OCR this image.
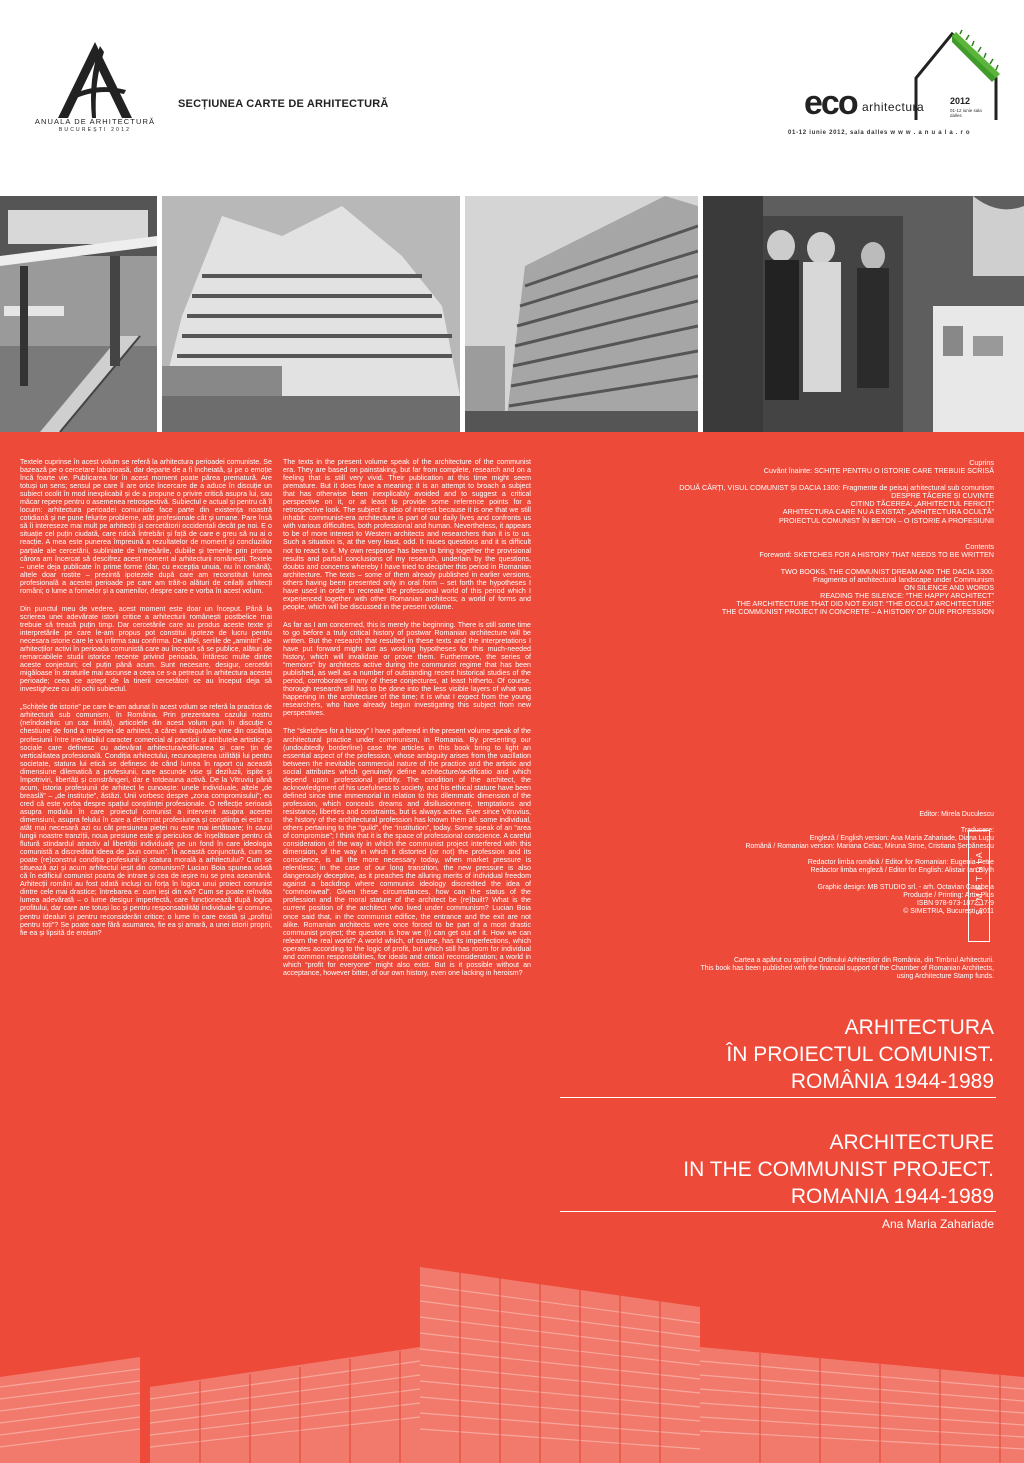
ANUALA DE ARHITECTURĂ
BUCUREȘTI 2012
SECȚIUNEA CARTE DE ARHITECTURĂ	eco arhitectura	2012
01-12 iunie sala dalles
01-12 iunie 2012, sala dalles w w w . a n u a l a . r o

Textele cuprinse în acest volum se referă la arhitectura perioadei comuniste. Se bazează pe o cercetare laborioasă, dar departe de a fi încheiată, și pe o emoție încă foarte vie. Publicarea lor în acest moment poate părea prematură. Are totuși un sens; sensul pe care îl are orice încercare de a aduce în discuție un subiect ocolit în mod inexplicabil și de a propune o privire critică asupra lui, sau măcar repere pentru o asemenea retrospectivă. Subiectul e actual și pentru că îl locuim: arhitectura perioadei comuniste face parte din existența noastră cotidiană și ne pune felurite probleme, atât profesionale cât și umane. Pare însă să îi intereseze mai mult pe arhitecții și cercetătorii occidentali decât pe noi. E o situație cel puțin ciudată, care ridică întrebări și față de care e greu să nu ai o reacție. A mea este punerea împreună a rezultatelor de moment și concluziilor parțiale ale cercetării, subliniate de întrebările, dubiile și temerile prin prisma cărora am încercat să descifrez acest moment al arhitecturii românești. Textele – unele deja publicate în prime forme (dar, cu excepția unuia, nu în română), altele doar rostite – prezintă ipotezele după care am reconstituit lumea profesională a acestei perioade pe care am trăit-o alături de ceilalți arhitecți români; o lume a formelor și a oamenilor, despre care e vorba în acest volum.

Din punctul meu de vedere, acest moment este doar un început. Până la scrierea unei adevărate istorii critice a arhitecturii românești postbelice mai trebuie să treacă puțin timp. Dar cercetările care au produs aceste texte și interpretările pe care le-am propus pot constitui ipoteze de lucru pentru necesara istorie care le va infirma sau confirma. De altfel, seriile de „amintiri” ale arhitecților activi în perioada comunistă care au început să se publice, alături de remarcabilele studii istorice recente privind perioada, întăresc multe dintre aceste conjecturi; cel puțin până acum. Sunt necesare, desigur, cercetări migăloase în straturile mai ascunse a ceea ce s-a petrecut în arhitectura acestei perioade; ceea ce aștept de la tinerii cercetători ce au început deja să investigheze cu alți ochi subiectul.

„Schițele de istorie” pe care le-am adunat în acest volum se referă la practica de arhitectură sub comunism, în România. Prin prezentarea cazului nostru (neîndoielnic un caz limită), articolele din acest volum pun în discuție o chestiune de fond a meseriei de arhitect, a cărei ambiguitate vine din oscilația profesiunii între inevitabilul caracter comercial al practicii și atributele artistice și sociale care definesc cu adevărat arhitectura/edificarea și care țin de verticalitatea profesională. Condiția arhitectului, recunoașterea utilității lui pentru societate, statura lui etică se definesc de când lumea în raport cu această dimensiune dilematică a profesiunii, care ascunde vise și deziluzii, ispite și împotriviri, libertăți și constrângeri, dar e totdeauna activă. De la Vitruviu până acum, istoria profesiunii de arhitect le cunoaște: unele individuale, altele „de breaslă” – „de instituție”, ăstăzi. Unii vorbesc despre „zona compromisului”; eu cred că este vorba despre spațiul conștiinței profesionale. O reflecție serioasă asupra modului în care proiectul comunist a intervenit asupra acestei dimensiuni, asupra felului în care a deformat profesiunea și conștiința ei este cu atât mai necesară azi cu cât presiunea pieței nu este mai iertătoare; în cazul lungii noastre tranziții, noua presiune este și periculos de înșelătoare pentru că flutură stindardul atractiv al libertății individuale pe un fond în care ideologia comunistă a discreditat ideea de „bun comun”. În această conjunctură, cum se poate (re)construi condiția profesiunii și statura morală a arhitectului? Cum se situează azi și acum arhitectul ieșit din comunism? Lucian Boia spunea odată că în edificiul comunist poarta de intrare și cea de ieșire nu se prea aseamănă. Arhitecții români au fost odată incluși cu forța în logica unui proiect comunist dintre cele mai drastice; întrebarea e: cum ieși din ea? Cum se poate reînvăța lumea adevărată – o lume desigur imperfectă, care funcționează după logica profitului, dar care are totuși loc și pentru responsabilități individuale și comune, pentru idealuri și pentru reconsiderări critice; o lume în care există și „profitul pentru toți”? Se poate oare fără asumarea, fie ea și amară, a unei istorii proprii, fie ea și lipsită de eroism?

The texts in the present volume speak of the architecture of the communist era. They are based on painstaking, but far from complete, research and on a feeling that is still very vivid. Their publication at this time might seem premature. But it does have a meaning: it is an attempt to broach a subject that has otherwise been inexplicably avoided and to suggest a critical perspective on it, or at least to provide some reference points for a retrospective look. The subject is also of interest because it is one that we still inhabit: communist-era architecture is part of our daily lives and confronts us with various difficulties, both professional and human. Nevertheless, it appears to be of more interest to Western architects and researchers than it is to us. Such a situation is, at the very least, odd. It raises questions and it is difficult not to react to it. My own response has been to bring together the provisional results and partial conclusions of my research, underlain by the questions, doubts and concerns whereby I have tried to decipher this period in Romanian architecture. The texts – some of them already published in earlier versions, others having been presented only in oral form – set forth the hypotheses I have used in order to recreate the professional world of this period which I experienced together with other Romanian architects; a world of forms and people, which will be discussed in the present volume.

As far as I am concerned, this is merely the beginning. There is still some time to go before a truly critical history of postwar Romanian architecture will be written. But the research that resulted in these texts and the interpretations I have put forward might act as working hypotheses for this much-needed history, which will invalidate or prove them. Furthermore, the series of “memoirs” by architects active during the communist regime that has been published, as well as a number of outstanding recent historical studies of the period, corroborates many of these conjectures, at least hitherto. Of course, thorough research still has to be done into the less visible layers of what was happening in the architecture of the time; it is what I expect from the young researchers, who have already begun investigating this subject from new perspectives.

The “sketches for a history” I have gathered in the present volume speak of the architectural practice under communism, in Romania. By presenting our (undoubtedly borderline) case the articles in this book bring to light an essential aspect of the profession, whose ambiguity arises from the vacillation between the inevitable commercial nature of the practice and the artistic and social attributes which genuinely define architecture/aedificatio and which depend upon professional probity. The condition of the architect, the acknowledgment of his usefulness to society, and his ethical stature have been defined since time immemorial in relation to this dilemmatic dimension of the profession, which conceals dreams and disillusionment, temptations and resistance, liberties and constraints, but is always active. Ever since Vitruvius, the history of the architectural profession has known them all: some individual, others pertaining to the “guild”, the “institution”, today. Some speak of an “area of compromise”; I think that it is the space of professional conscience. A careful consideration of the way in which the communist project interfered with this dimension, of the way in which it distorted (or not) the profession and its conscience, is all the more necessary today, when market pressure is relentless; in the case of our long transition, the new pressure is also dangerously deceptive, as it preaches the alluring merits of individual freedom against a backdrop where communist ideology discredited the idea of “commonweal”. Given these circumstances, how can the status of the profession and the moral stature of the architect be (re)built? What is the current position of the architect who lived under communism? Lucian Boia once said that, in the communist edifice, the entrance and the exit are not alike. Romanian architects were once forced to be part of a most drastic communist project; the question is how we (!) can get out of it. How we can relearn the real world? A world which, of course, has its imperfections, which operates according to the logic of profit, but which still has room for individual and common responsibilities, for ideals and critical reconsideration; a world in which “profit for everyone” might also exist. But is it possible without an acceptance, however bitter, of our own history, even one lacking in heroism?

Cuprins
Cuvânt înainte: SCHIȚE PENTRU O ISTORIE CARE TREBUIE SCRISĂ
DOUĂ CĂRȚI, VISUL COMUNIST ȘI DACIA 1300: Fragmente de peisaj arhitectural sub comunism
DESPRE TĂCERE ȘI CUVINTE
CITIND TĂCEREA: „ARHITECTUL FERICIT”
ARHITECTURA CARE NU A EXISTAT: „ARHITECTURA OCULTĂ”
PROIECTUL COMUNIST ÎN BETON – O ISTORIE A PROFESIUNII
Contents
Foreword: SKETCHES FOR A HISTORY THAT NEEDS TO BE WRITTEN
TWO BOOKS, THE COMMUNIST DREAM AND THE DACIA 1300:
Fragments of architectural landscape under Communism
ON SILENCE AND WORDS
READING THE SILENCE: “THE HAPPY ARCHITECT”
THE ARCHITECTURE THAT DID NOT EXIST: “THE OCCULT ARCHITECTURE”
THE COMMUNIST PROJECT IN CONCRETE – A HISTORY OF OUR PROFESSION
Editor: Mirela Duculescu
Traducere:
Engleză / English version: Ana Maria Zahariade, Diana Lupu
Română / Romanian version: Mariana Celac, Miruna Stroe, Cristiana Șerbănescu
Redactor limba română / Editor for Romanian: Eugenia Petre
Redactor limba engleză / Editor for English: Alistair Ian Blyth
Graphic design: MB STUDIO srl. - arh. Octavian Carabela
Producție / Printing: Artix Plus
ISBN 978-973-1872-17-9
© SIMETRIA, București, 2011
SIMETRIA
Cartea a apărut cu sprijinul Ordinului Arhitecților din România, din Timbrul Arhitecturii.
This book has been published with the financial support of the Chamber of Romanian Architects,
using Architecture Stamp funds.
ARHITECTURA
ÎN PROIECTUL COMUNIST.
ROMÂNIA 1944-1989
ARCHITECTURE
IN THE COMMUNIST PROJECT.
ROMANIA 1944-1989
Ana Maria Zahariade
